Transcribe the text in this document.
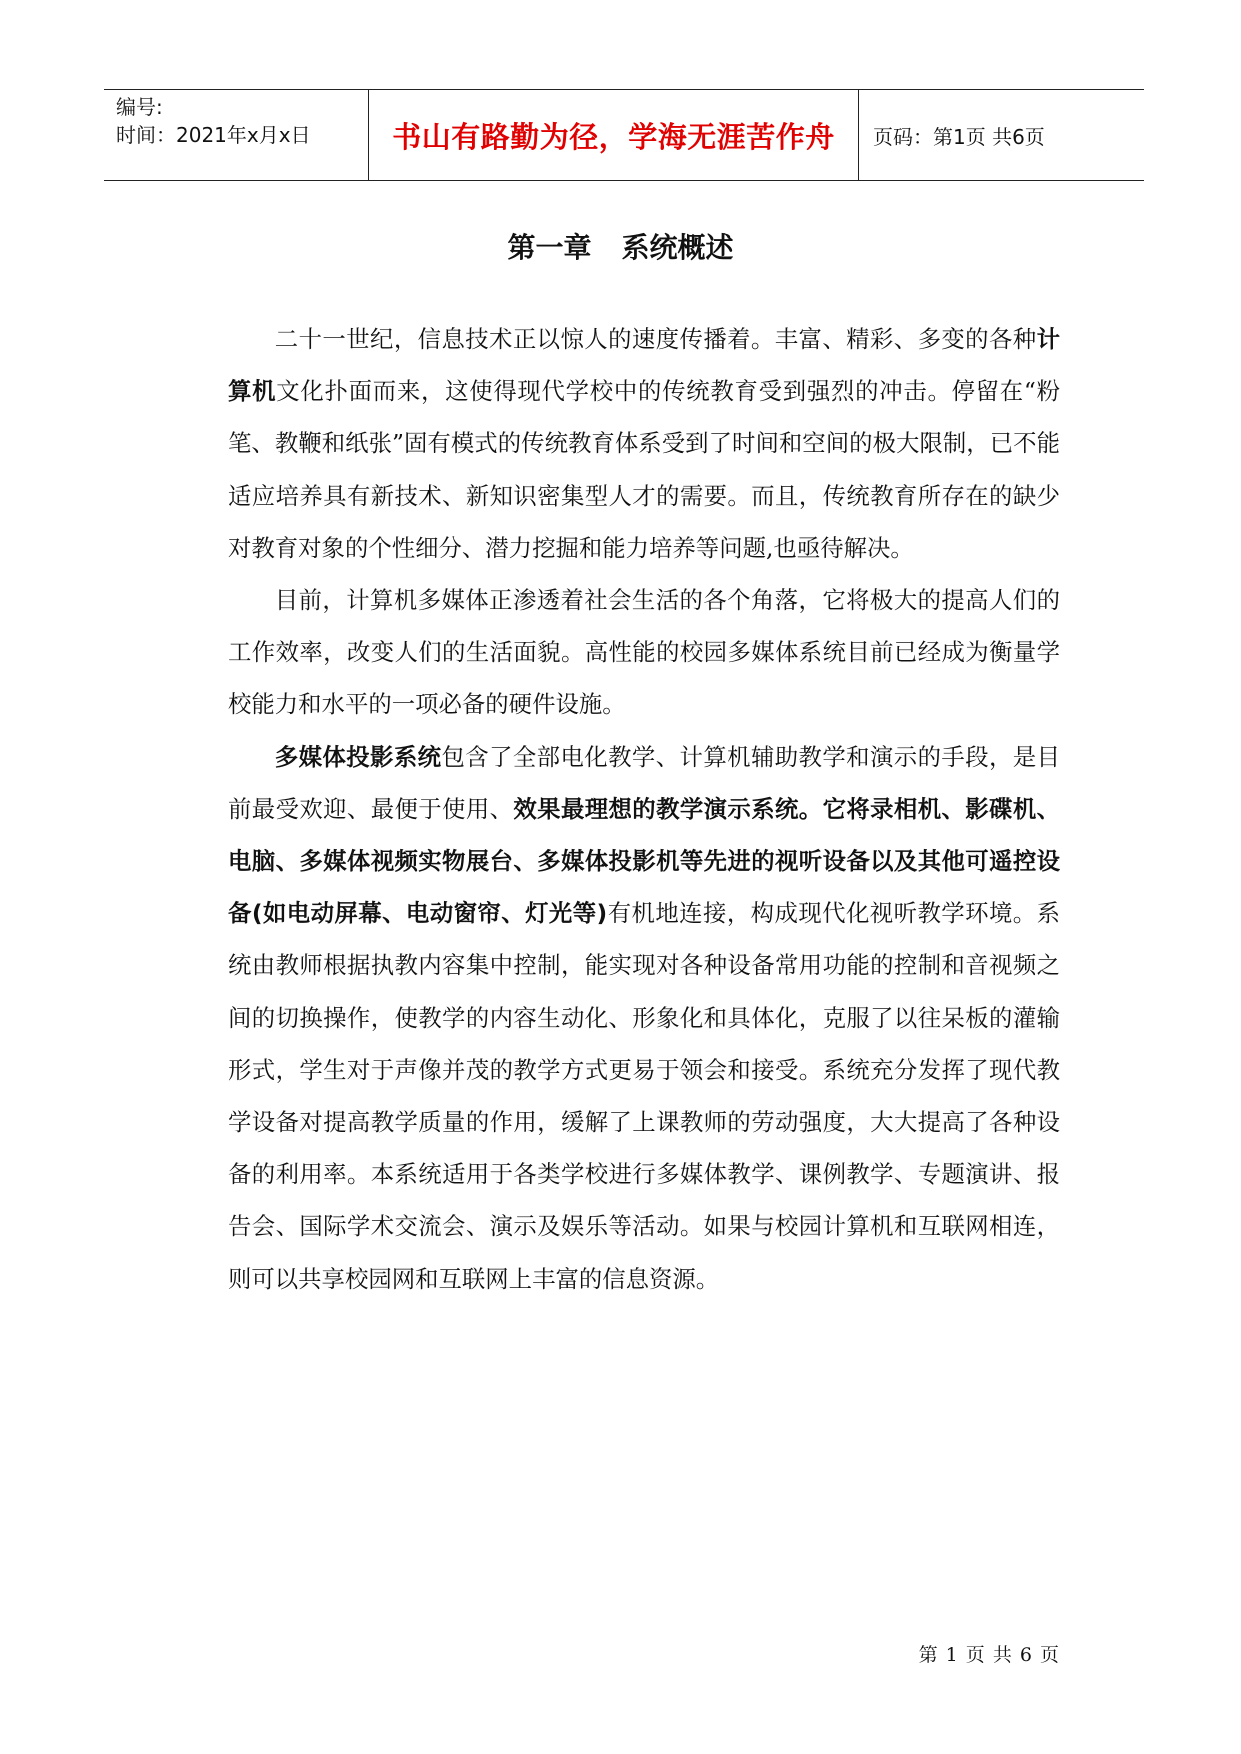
编号:
时间：2021年x月x日	书山有路勤为径，学海无涯苦作舟	页码：第1页 共6页
第一章 系统概述

二十一世纪，信息技术正以惊人的速度传播着。丰富、精彩、多变的各种计算机文化扑面而来，这使得现代学校中的传统教育受到强烈的冲击。停留在“粉笔、教鞭和纸张”固有模式的传统教育体系受到了时间和空间的极大限制，已不能适应培养具有新技术、新知识密集型人才的需要。而且，传统教育所存在的缺少对教育对象的个性细分、潜力挖掘和能力培养等问题,也亟待解决。

目前，计算机多媒体正渗透着社会生活的各个角落，它将极大的提高人们的工作效率，改变人们的生活面貌。高性能的校园多媒体系统目前已经成为衡量学校能力和水平的一项必备的硬件设施。

多媒体投影系统包含了全部电化教学、计算机辅助教学和演示的手段，是目前最受欢迎、最便于使用、效果最理想的教学演示系统。它将录相机、影碟机、电脑、多媒体视频实物展台、多媒体投影机等先进的视听设备以及其他可遥控设备(如电动屏幕、电动窗帘、灯光等)有机地连接，构成现代化视听教学环境。系统由教师根据执教内容集中控制，能实现对各种设备常用功能的控制和音视频之间的切换操作，使教学的内容生动化、形象化和具体化，克服了以往呆板的灌输形式，学生对于声像并茂的教学方式更易于领会和接受。系统充分发挥了现代教学设备对提高教学质量的作用，缓解了上课教师的劳动强度，大大提高了各种设备的利用率。本系统适用于各类学校进行多媒体教学、课例教学、专题演讲、报告会、国际学术交流会、演示及娱乐等活动。如果与校园计算机和互联网相连，则可以共享校园网和互联网上丰富的信息资源。

第 1 页 共 6 页
